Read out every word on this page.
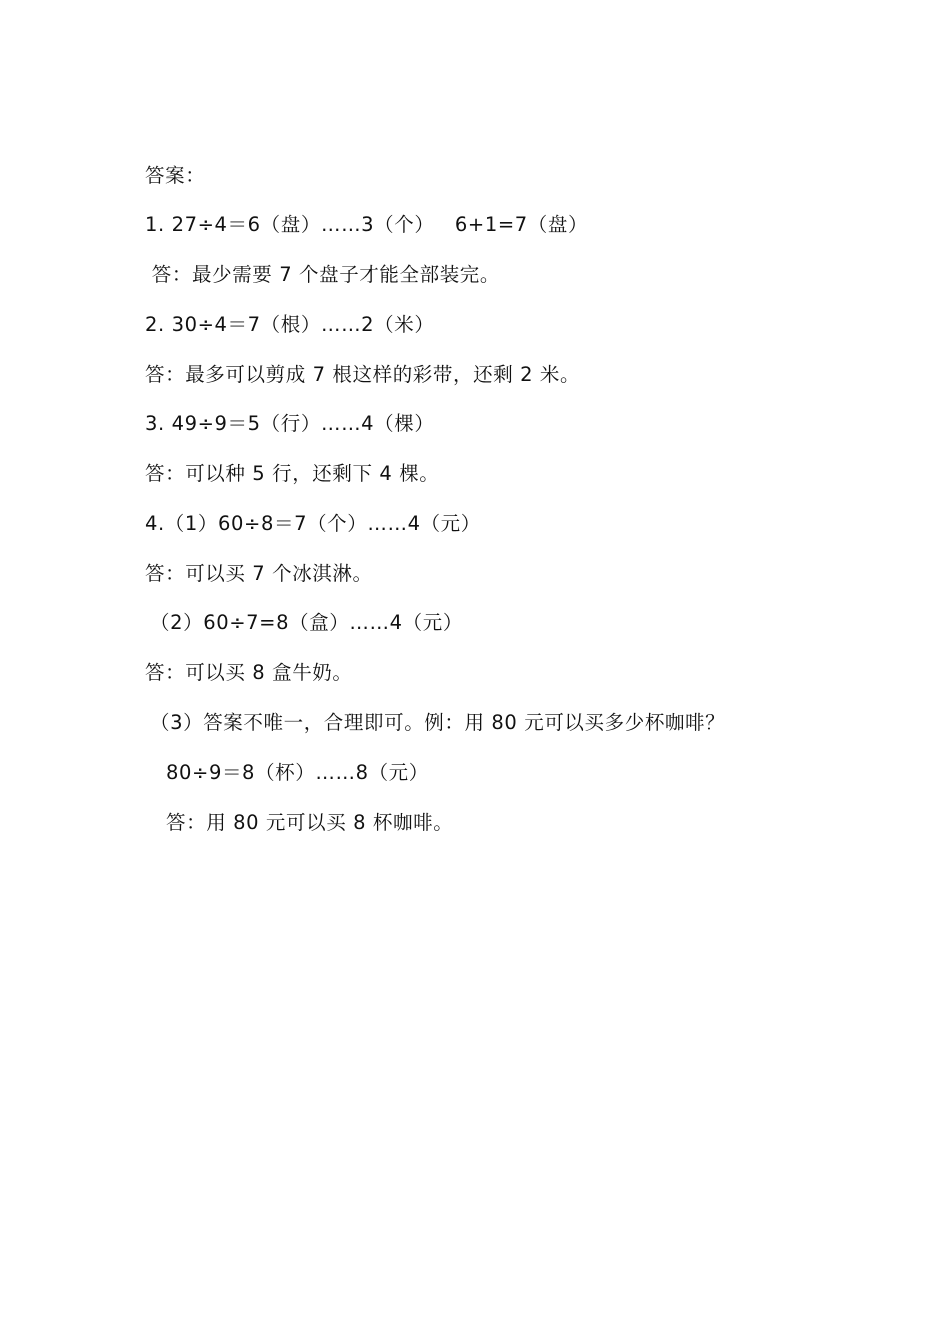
答案：
1. 27÷4＝6（盘）……3（个）   6+1=7（盘）
答：最少需要 7 个盘子才能全部装完。
2. 30÷4＝7（根）……2（米）
答：最多可以剪成 7 根这样的彩带，还剩 2 米。
3. 49÷9＝5（行）……4（棵）
答：可以种 5 行，还剩下 4 棵。
4.（1）60÷8＝7（个）……4（元）
答：可以买 7 个冰淇淋。
（2）60÷7=8（盒）……4（元）
答：可以买 8 盒牛奶。
（3）答案不唯一，合理即可。例：用 80 元可以买多少杯咖啡？
80÷9＝8（杯）……8（元）
答：用 80 元可以买 8 杯咖啡。
